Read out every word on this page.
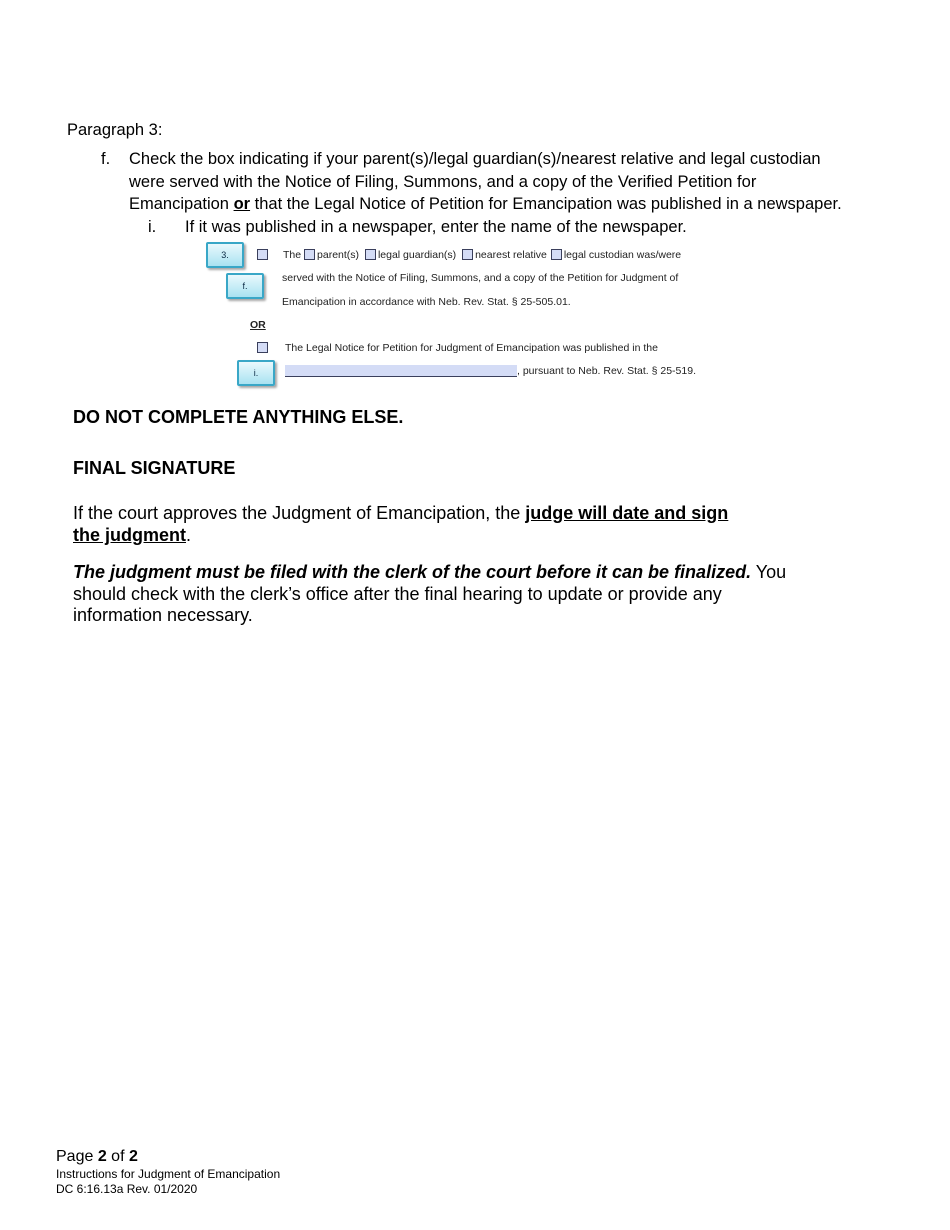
Paragraph 3:
f. Check the box indicating if your parent(s)/legal guardian(s)/nearest relative and legal custodian
were served with the Notice of Filing, Summons, and a copy of the Verified Petition for
Emancipation or that the Legal Notice of Petition for Emancipation was published in a newspaper.
i. If it was published in a newspaper, enter the name of the newspaper.
3.
f.
i.
The parent(s) legal guardian(s) nearest relative legal custodian was/were
served with the Notice of Filing, Summons, and a copy of the Petition for Judgment of
Emancipation in accordance with Neb. Rev. Stat. § 25-505.01.
OR
The Legal Notice for Petition for Judgment of Emancipation was published in the
, pursuant to Neb. Rev. Stat. § 25-519.
DO NOT COMPLETE ANYTHING ELSE.
FINAL SIGNATURE
If the court approves the Judgment of Emancipation, the judge will date and sign
the judgment.
The judgment must be filed with the clerk of the court before it can be finalized. You
should check with the clerk’s office after the final hearing to update or provide any
information necessary.
Page 2 of 2
Instructions for Judgment of Emancipation
DC 6:16.13a Rev. 01/2020
